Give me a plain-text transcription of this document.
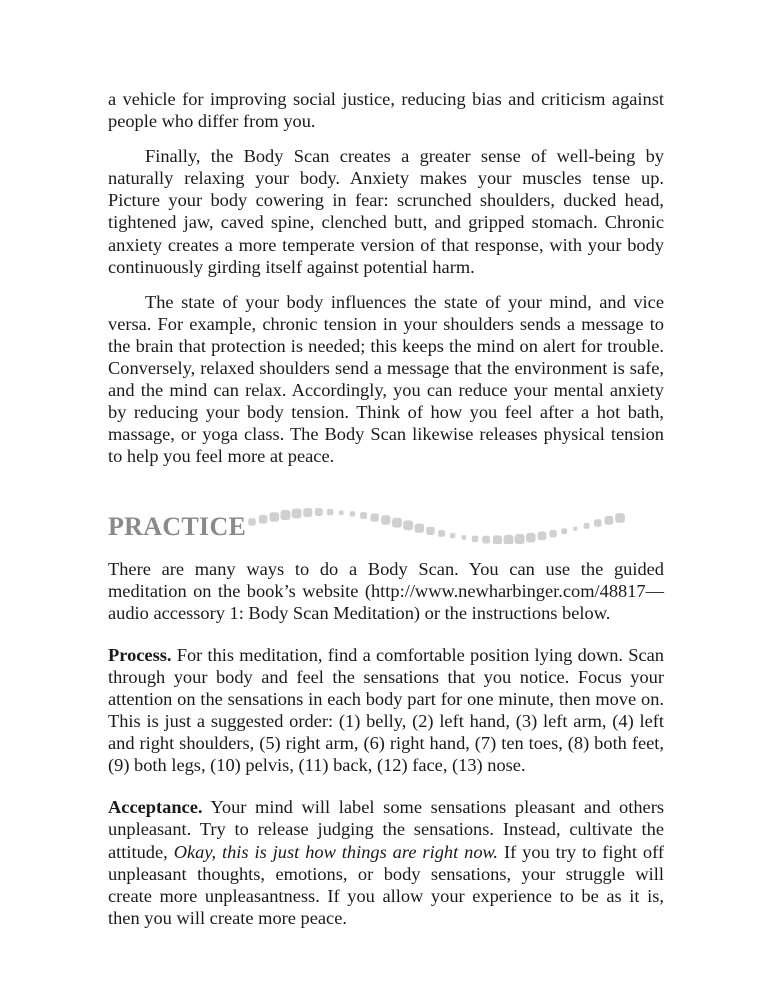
a vehicle for improving social justice, reducing bias and criticism against people who differ from you.

Finally, the Body Scan creates a greater sense of well-being by naturally relaxing your body. Anxiety makes your muscles tense up. Picture your body cowering in fear: scrunched shoulders, ducked head, tightened jaw, caved spine, clenched butt, and gripped stomach. Chronic anxiety creates a more temperate version of that response, with your body continuously girding itself against potential harm.

The state of your body influences the state of your mind, and vice versa. For example, chronic tension in your shoulders sends a message to the brain that protection is needed; this keeps the mind on alert for trouble. Conversely, relaxed shoulders send a message that the environment is safe, and the mind can relax. Accordingly, you can reduce your mental anxiety by reducing your body tension. Think of how you feel after a hot bath, massage, or yoga class. The Body Scan likewise releases physical tension to help you feel more at peace.

PRACTICE

There are many ways to do a Body Scan. You can use the guided meditation on the book’s website (http://www.newharbinger.com/48817—audio accessory 1: Body Scan Meditation) or the instructions below.

Process. For this meditation, find a comfortable position lying down. Scan through your body and feel the sensations that you notice. Focus your attention on the sensations in each body part for one minute, then move on. This is just a suggested order: (1) belly, (2) left hand, (3) left arm, (4) left and right shoulders, (5) right arm, (6) right hand, (7) ten toes, (8) both feet, (9) both legs, (10) pelvis, (11) back, (12) face, (13) nose.

Acceptance. Your mind will label some sensations pleasant and others unpleasant. Try to release judging the sensations. Instead, cultivate the attitude, Okay, this is just how things are right now. If you try to fight off unpleasant thoughts, emotions, or body sensations, your struggle will create more unpleasantness. If you allow your experience to be as it is, then you will create more peace.
